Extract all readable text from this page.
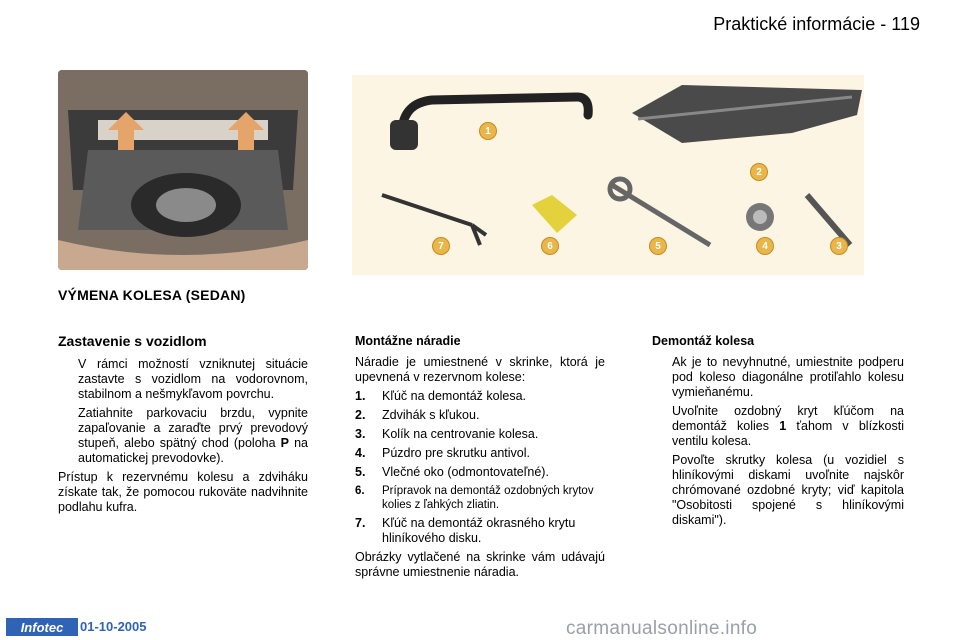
Praktické informácie - 119
1
2
3
4
5
6
7
VÝMENA KOLESA (SEDAN)
Zastavenie s vozidlom
V rámci možností vzniknutej situácie zastavte s vozidlom na vodorovnom, stabilnom a nešmykľavom povrchu.
Zatiahnite parkovaciu brzdu, vypnite zapaľovanie a zaraďte prvý prevodový stupeň, alebo spätný chod (poloha P na automatickej prevodovke).

Prístup k rezervnému kolesu a zdviháku získate tak, že pomocou rukoväte nadvihnite podlahu kufra.

Montážne náradie

Náradie je umiestnené v skrinke, ktorá je upevnená v rezervnom kolese:

1.	Kľúč na demontáž kolesa.
2.	Zdvihák s kľukou.
3.	Kolík na centrovanie kolesa.
4.	Púzdro pre skrutku antivol.
5.	Vlečné oko (odmontovateľné).
6.	Prípravok na demontáž ozdobných krytov kolies z ľahkých zliatin.
7.	Kľúč na demontáž okrasného krytu hliníkového disku.

Obrázky vytlačené na skrinke vám udávajú správne umiestnenie náradia.

Demontáž kolesa
Ak je to nevyhnutné, umiestnite podperu pod koleso diagonálne protiľahlo kolesu vymieňanému.
Uvoľnite ozdobný kryt kľúčom na demontáž kolies 1 ťahom v blízkosti ventilu kolesa.
Povoľte skrutky kolesa (u vozidiel s hliníkovými diskami uvoľnite najskôr chrómované ozdobné kryty; viď kapitola "Osobitosti spojené s hliníkovými diskami").
Infotec	01-10-2005	carmanualsonline.info
